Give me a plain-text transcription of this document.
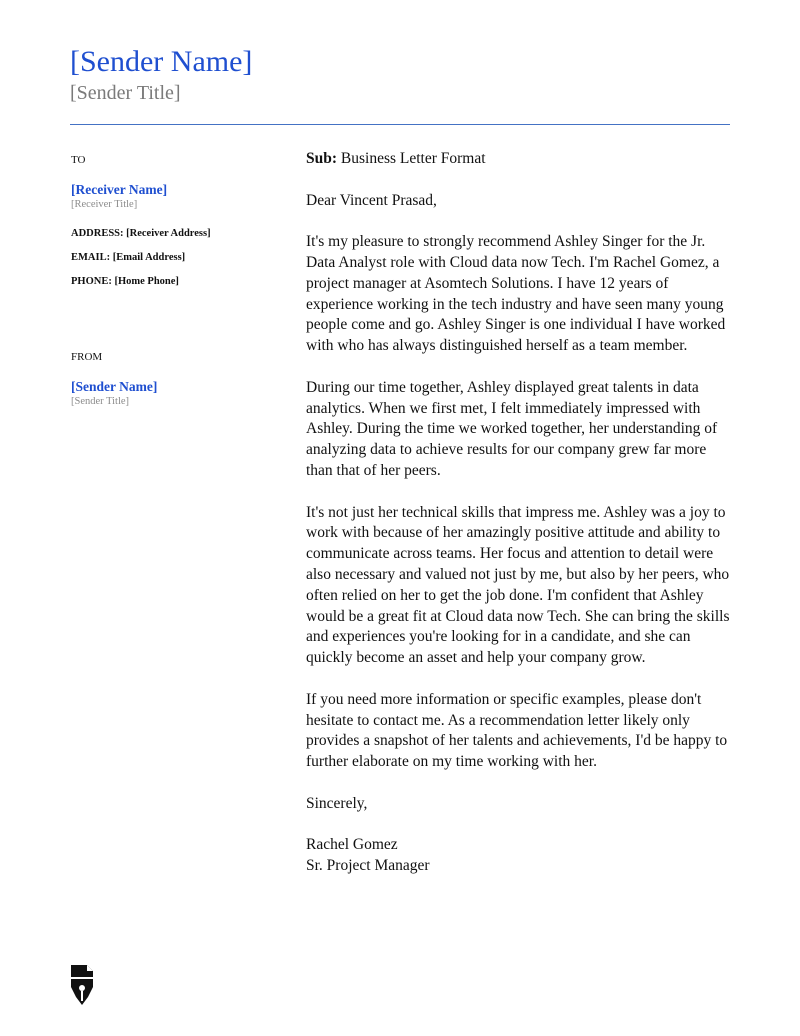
[Sender Name]

[Sender Title]

TO

[Receiver Name]

[Receiver Title]

ADDRESS: [Receiver Address]

EMAIL: [Email Address]

PHONE: [Home Phone]

FROM

[Sender Name]

[Sender Title]

Sub: Business Letter Format

Dear Vincent Prasad,

It's my pleasure to strongly recommend Ashley Singer for the Jr. Data Analyst role with Cloud data now Tech. I'm Rachel Gomez, a project manager at Asomtech Solutions. I have 12 years of experience working in the tech industry and have seen many young people come and go. Ashley Singer is one individual I have worked with who has always distinguished herself as a team member.

During our time together, Ashley displayed great talents in data analytics. When we first met, I felt immediately impressed with Ashley. During the time we worked together, her understanding of analyzing data to achieve results for our company grew far more than that of her peers.

It's not just her technical skills that impress me. Ashley was a joy to work with because of her amazingly positive attitude and ability to communicate across teams. Her focus and attention to detail were also necessary and valued not just by me, but also by her peers, who often relied on her to get the job done. I'm confident that Ashley would be a great fit at Cloud data now Tech. She can bring the skills and experiences you're looking for in a candidate, and she can quickly become an asset and help your company grow.

If you need more information or specific examples, please don't hesitate to contact me. As a recommendation letter likely only provides a snapshot of her talents and achievements, I'd be happy to further elaborate on my time working with her.

Sincerely,

Rachel Gomez

Sr. Project Manager
